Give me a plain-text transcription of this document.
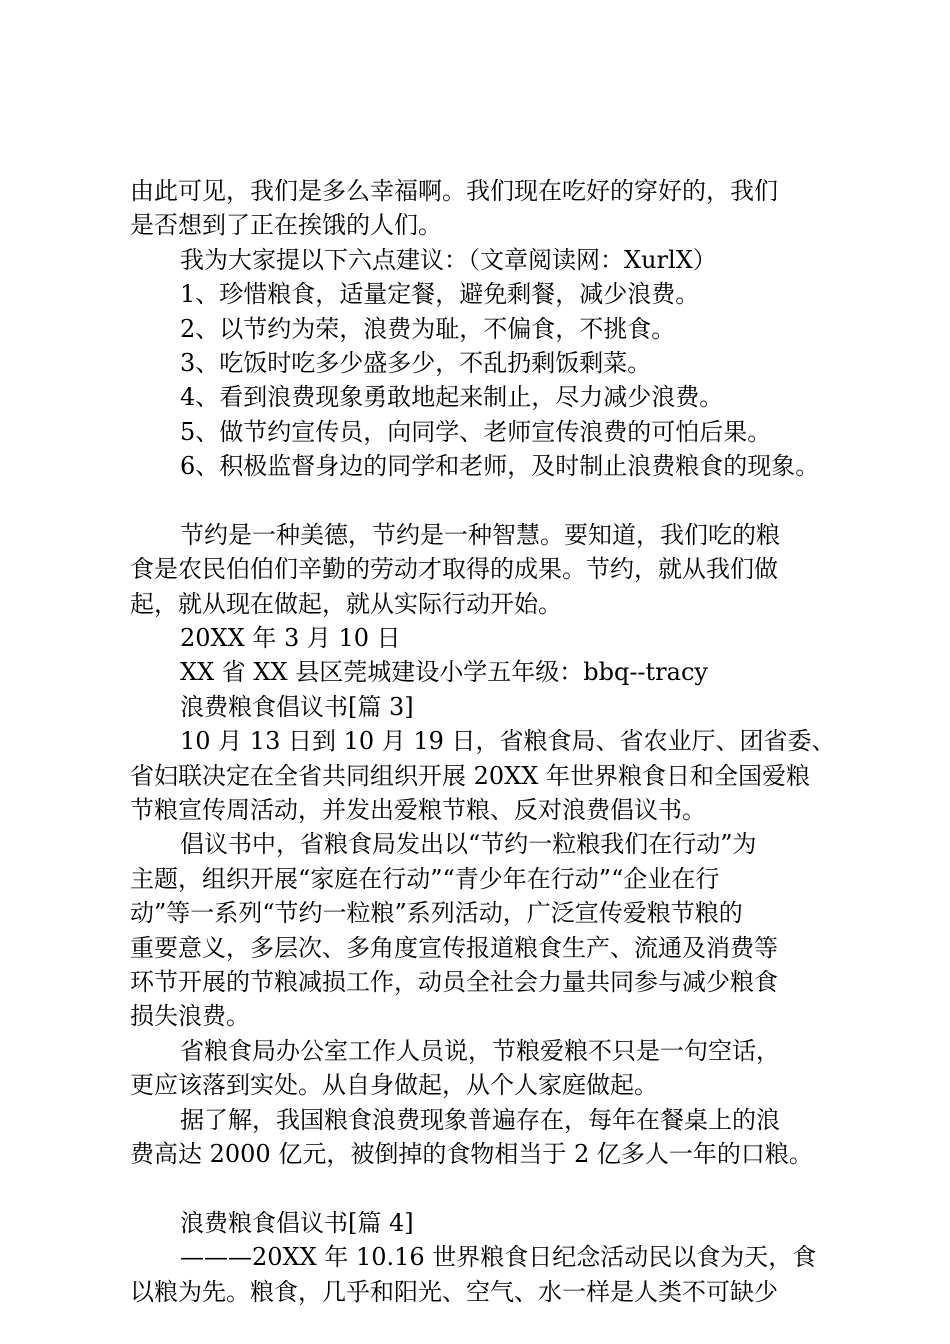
由此可见，我们是多么幸福啊。我们现在吃好的穿好的，我们
是否想到了正在挨饿的人们。
我为大家提以下六点建议：（文章阅读网：XurlX）
1、珍惜粮食，适量定餐，避免剩餐，减少浪费。
2、以节约为荣，浪费为耻，不偏食，不挑食。
3、吃饭时吃多少盛多少，不乱扔剩饭剩菜。
4、看到浪费现象勇敢地起来制止，尽力减少浪费。
5、做节约宣传员，向同学、老师宣传浪费的可怕后果。
6、积极监督身边的同学和老师，及时制止浪费粮食的现象。
节约是一种美德，节约是一种智慧。要知道，我们吃的粮
食是农民伯伯们辛勤的劳动才取得的成果。节约，就从我们做
起，就从现在做起，就从实际行动开始。
20XX 年 3 月 10 日
XX 省 XX 县区莞城建设小学五年级：bbq--tracy
浪费粮食倡议书[篇 3]
10 月 13 日到 10 月 19 日，省粮食局、省农业厅、团省委、
省妇联决定在全省共同组织开展 20XX 年世界粮食日和全国爱粮
节粮宣传周活动，并发出爱粮节粮、反对浪费倡议书。
倡议书中，省粮食局发出以“节约一粒粮我们在行动”为
主题，组织开展“家庭在行动”“青少年在行动”“企业在行
动”等一系列“节约一粒粮”系列活动，广泛宣传爱粮节粮的
重要意义，多层次、多角度宣传报道粮食生产、流通及消费等
环节开展的节粮减损工作，动员全社会力量共同参与减少粮食
损失浪费。
省粮食局办公室工作人员说，节粮爱粮不只是一句空话，
更应该落到实处。从自身做起，从个人家庭做起。
据了解，我国粮食浪费现象普遍存在，每年在餐桌上的浪
费高达 2000 亿元，被倒掉的食物相当于 2 亿多人一年的口粮。
浪费粮食倡议书[篇 4]
———20XX 年 10.16 世界粮食日纪念活动民以食为天，食
以粮为先。粮食，几乎和阳光、空气、水一样是人类不可缺少
